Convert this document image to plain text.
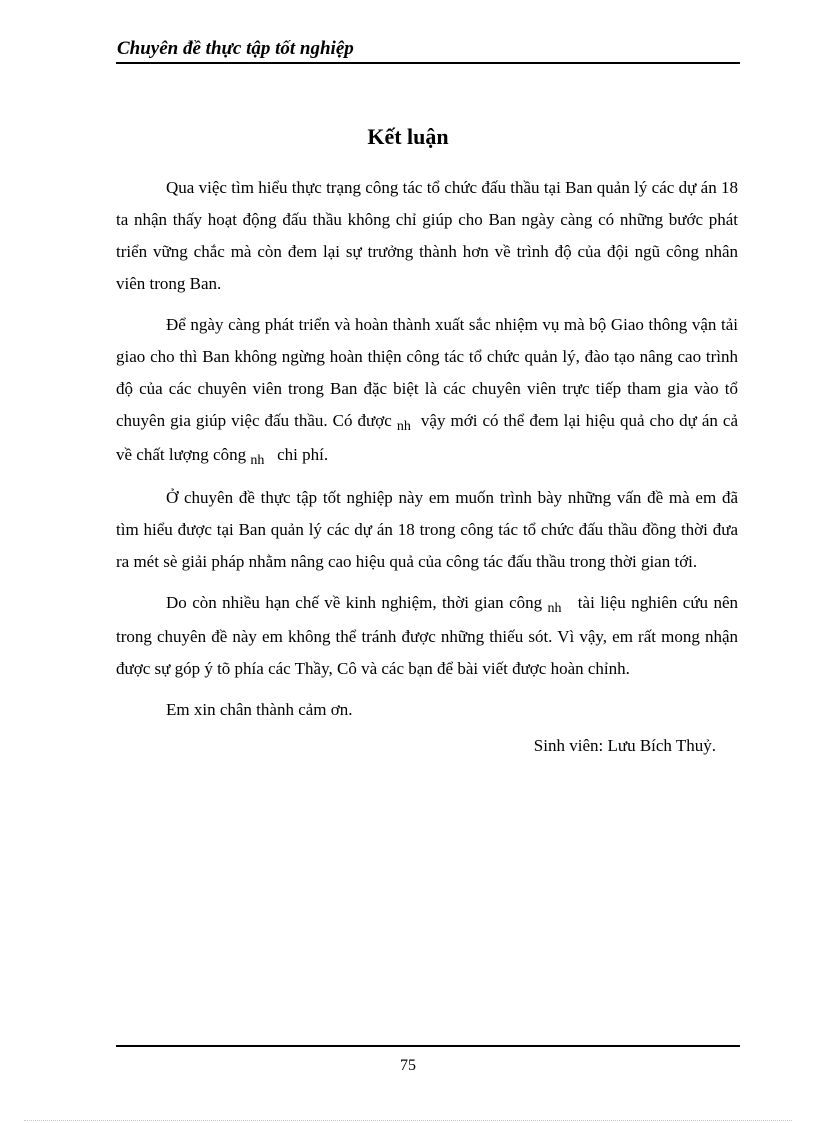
Chuyên đề thực tập tốt nghiệp
Kết luận

Qua việc tìm hiểu thực trạng công tác tổ chức đấu thầu tại Ban quản lý các dự án 18 ta nhận thấy hoạt động đấu thầu không chỉ giúp cho Ban ngày càng có những bước phát triển vững chắc mà còn đem lại sự trưởng thành hơn về trình độ của đội ngũ công nhân viên trong Ban.

Để ngày càng phát triển và hoàn thành xuất sắc nhiệm vụ mà bộ Giao thông vận tải giao cho thì Ban không ngừng hoàn thiện công tác tổ chức quản lý, đào tạo nâng cao trình độ của các chuyên viên trong Ban đặc biệt là các chuyên viên trực tiếp tham gia vào tổ chuyên gia giúp việc đấu thầu. Có được $_{nh}$ vậy mới có thể đem lại hiệu quả cho dự án cả về chất lượng công $_{nh}$ chi phí.

Ở chuyên đề thực tập tốt nghiệp này em muốn trình bày những vấn đề mà em đã tìm hiểu được tại Ban quản lý các dự án 18 trong công tác tổ chức đấu thầu đồng thời đưa ra mét sè giải pháp nhằm nâng cao hiệu quả của công tác đấu thầu trong thời gian tới.

Do còn nhiều hạn chế về kinh nghiệm, thời gian công $_{nh}$ tài liệu nghiên cứu nên trong chuyên đề này em không thể tránh được những thiếu sót. Vì vậy, em rất mong nhận được sự góp ý tõ phía các Thầy, Cô và các bạn để bài viết được hoàn chỉnh.

Em xin chân thành cảm ơn.

Sinh viên: Lưu Bích Thuỷ.

75
